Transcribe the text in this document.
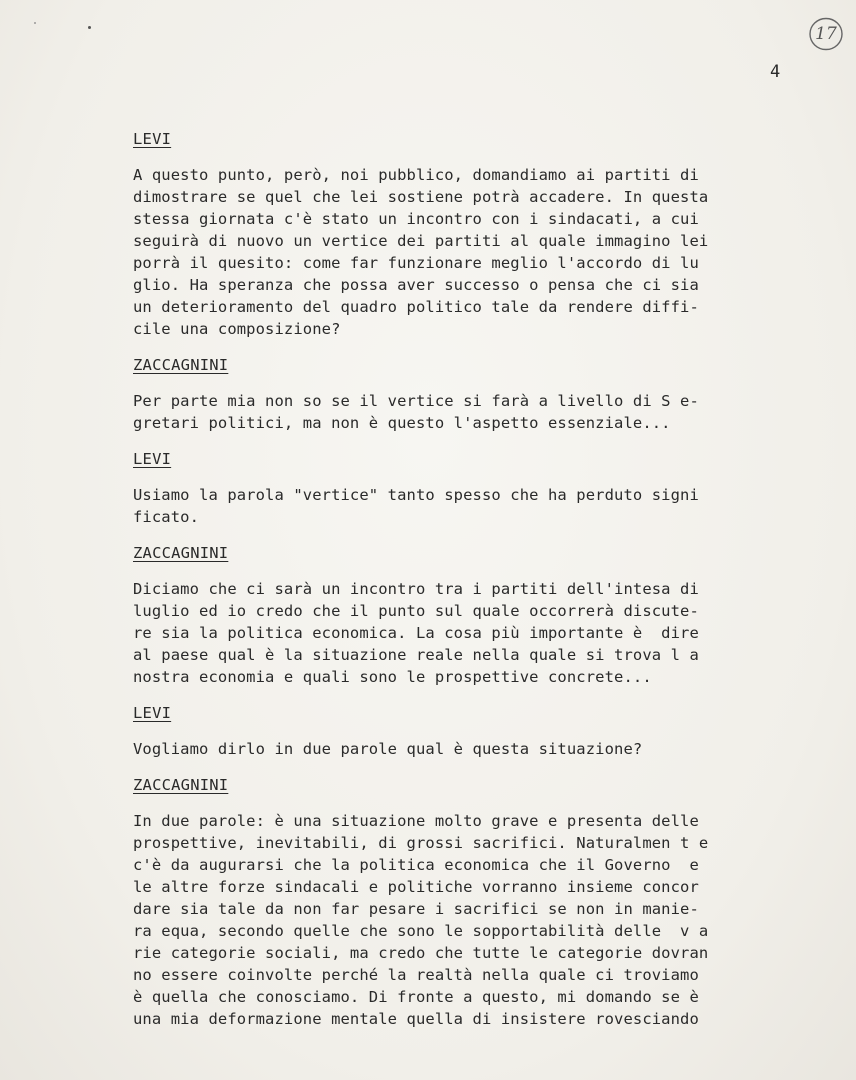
17
4
LEVI
A questo punto, però, noi pubblico, domandiamo ai partiti di
dimostrare se quel che lei sostiene potrà accadere. In questa
stessa giornata c'è stato un incontro con i sindacati, a cui
seguirà di nuovo un vertice dei partiti al quale immagino lei
porrà il quesito: come far funzionare meglio l'accordo di lu
glio. Ha speranza che possa aver successo o pensa che ci sia
un deterioramento del quadro politico tale da rendere diffi-
cile una composizione?
ZACCAGNINI
Per parte mia non so se il vertice si farà a livello di S e-
gretari politici, ma non è questo l'aspetto essenziale...
LEVI
Usiamo la parola "vertice" tanto spesso che ha perduto signi
ficato.
ZACCAGNINI
Diciamo che ci sarà un incontro tra i partiti dell'intesa di
luglio ed io credo che il punto sul quale occorrerà discute-
re sia la politica economica. La cosa più importante è  dire
al paese qual è la situazione reale nella quale si trova l a
nostra economia e quali sono le prospettive concrete...
LEVI
Vogliamo dirlo in due parole qual è questa situazione?
ZACCAGNINI
In due parole: è una situazione molto grave e presenta delle
prospettive, inevitabili, di grossi sacrifici. Naturalmen t e
c'è da augurarsi che la politica economica che il Governo  e
le altre forze sindacali e politiche vorranno insieme concor
dare sia tale da non far pesare i sacrifici se non in manie-
ra equa, secondo quelle che sono le sopportabilità delle  v a
rie categorie sociali, ma credo che tutte le categorie dovran
no essere coinvolte perché la realtà nella quale ci troviamo
è quella che conosciamo. Di fronte a questo, mi domando se è
una mia deformazione mentale quella di insistere rovesciando
